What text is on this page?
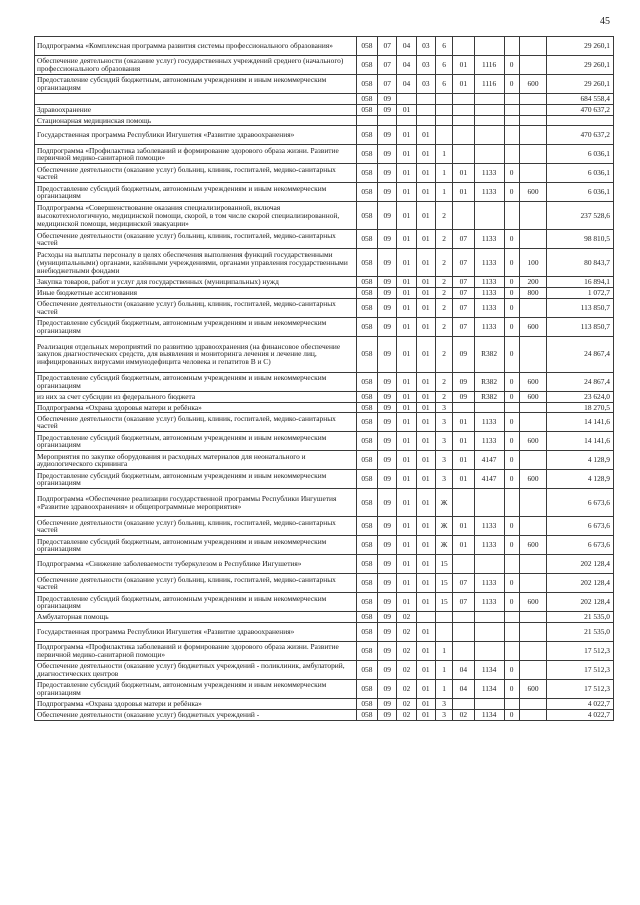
45
Подпрограмма «Комплексная программа развития системы профессионального образования»	058	07	04	03	6					29 260,1
Обеспечение деятельности (оказание услуг) государственных учреждений среднего (начального) профессионального образования	058	07	04	03	6	01	1116	0		29 260,1
Предоставление субсидий бюджетным, автономным учреждениям и иным некоммерческим организациям	058	07	04	03	6	01	1116	0	600	29 260,1
	058	09								684 558,4
Здравоохранение	058	09	01							470 637,2
Стационарная медицинская помощь										
Государственная программа Республики Ингушетия «Развитие здравоохранения»	058	09	01	01						470 637,2
Подпрограмма «Профилактика заболеваний и формирование здорового образа жизни. Развитие первичной медико-санитарной помощи»	058	09	01	01	1					6 036,1
Обеспечение деятельности (оказание услуг) больниц, клиник, госпиталей, медико-санитарных частей	058	09	01	01	1	01	1133	0		6 036,1
Предоставление субсидий бюджетным, автономным учреждениям и иным некоммерческим организациям	058	09	01	01	1	01	1133	0	600	6 036,1
Подпрограмма «Совершенствование оказания специализированной, включая высокотехнологичную, медицинской помощи, скорой, в том числе скорой специализированной, медицинской помощи, медицинской эвакуации»	058	09	01	01	2					237 528,6
Обеспечение деятельности (оказание услуг) больниц, клиник, госпиталей, медико-санитарных частей	058	09	01	01	2	07	1133	0		98 810,5
Расходы на выплаты персоналу в целях обеспечения выполнения функций государственными (муниципальными) органами, казёнными учреждениями, органами управления государственными внебюджетными фондами	058	09	01	01	2	07	1133	0	100	80 843,7
Закупка товаров, работ и услуг для государственных (муниципальных) нужд	058	09	01	01	2	07	1133	0	200	16 894,1
Иные бюджетные ассигнования	058	09	01	01	2	07	1133	0	800	1 072,7
Обеспечение деятельности (оказание услуг) больниц, клиник, госпиталей, медико-санитарных частей	058	09	01	01	2	07	1133	0		113 850,7
Предоставление субсидий бюджетным, автономным учреждениям и иным некоммерческим организациям	058	09	01	01	2	07	1133	0	600	113 850,7
Реализация отдельных мероприятий по развитию здравоохранения (на финансовое обеспечение закупок диагностических средств, для выявления и мониторинга лечения и лечение лиц, инфицированных вирусами иммунодефицита человека и гепатитов В и С)	058	09	01	01	2	09	R382	0		24 867,4
Предоставление субсидий бюджетным, автономным учреждениям и иным некоммерческим организациям	058	09	01	01	2	09	R382	0	600	24 867,4
из них за счет субсидии из федерального бюджета	058	09	01	01	2	09	R382	0	600	23 624,0
Подпрограмма «Охрана здоровья матери и ребёнка»	058	09	01	01	3					18 270,5
Обеспечение деятельности (оказание услуг) больниц, клиник, госпиталей, медико-санитарных частей	058	09	01	01	3	01	1133	0		14 141,6
Предоставление субсидий бюджетным, автономным учреждениям и иным некоммерческим организациям	058	09	01	01	3	01	1133	0	600	14 141,6
Мероприятия по закупке оборудования и расходных материалов для неонатального и аудиологического скрининга	058	09	01	01	3	01	4147	0		4 128,9
Предоставление субсидий бюджетным, автономным учреждениям и иным некоммерческим организациям	058	09	01	01	3	01	4147	0	600	4 128,9
Подпрограмма «Обеспечение реализации государственной программы Республики Ингушетия «Развитие здравоохранения» и общепрограммные мероприятия»	058	09	01	01	Ж					6 673,6
Обеспечение деятельности (оказание услуг) больниц, клиник, госпиталей, медико-санитарных частей	058	09	01	01	Ж	01	1133	0		6 673,6
Предоставление субсидий бюджетным, автономным учреждениям и иным некоммерческим организациям	058	09	01	01	Ж	01	1133	0	600	6 673,6
Подпрограмма «Снижение заболеваемости туберкулезом в Республике Ингушетия»	058	09	01	01	15					202 128,4
Обеспечение деятельности (оказание услуг) больниц, клиник, госпиталей, медико-санитарных частей	058	09	01	01	15	07	1133	0		202 128,4
Предоставление субсидий бюджетным, автономным учреждениям и иным некоммерческим организациям	058	09	01	01	15	07	1133	0	600	202 128,4
Амбулаторная помощь	058	09	02							21 535,0
Государственная программа Республики Ингушетия «Развитие здравоохранения»	058	09	02	01						21 535,0
Подпрограмма «Профилактика заболеваний и формирование здорового образа жизни. Развитие первичной медико-санитарной помощи»	058	09	02	01	1					17 512,3
Обеспечение деятельности (оказание услуг) бюджетных учреждений - поликлиник, амбулаторий, диагностических центров	058	09	02	01	1	04	1134	0		17 512,3
Предоставление субсидий бюджетным, автономным учреждениям и иным некоммерческим организациям	058	09	02	01	1	04	1134	0	600	17 512,3
Подпрограмма «Охрана здоровья матери и ребёнка»	058	09	02	01	3					4 022,7
Обеспечение деятельности (оказание услуг) бюджетных учреждений -	058	09	02	01	3	02	1134	0		4 022,7
